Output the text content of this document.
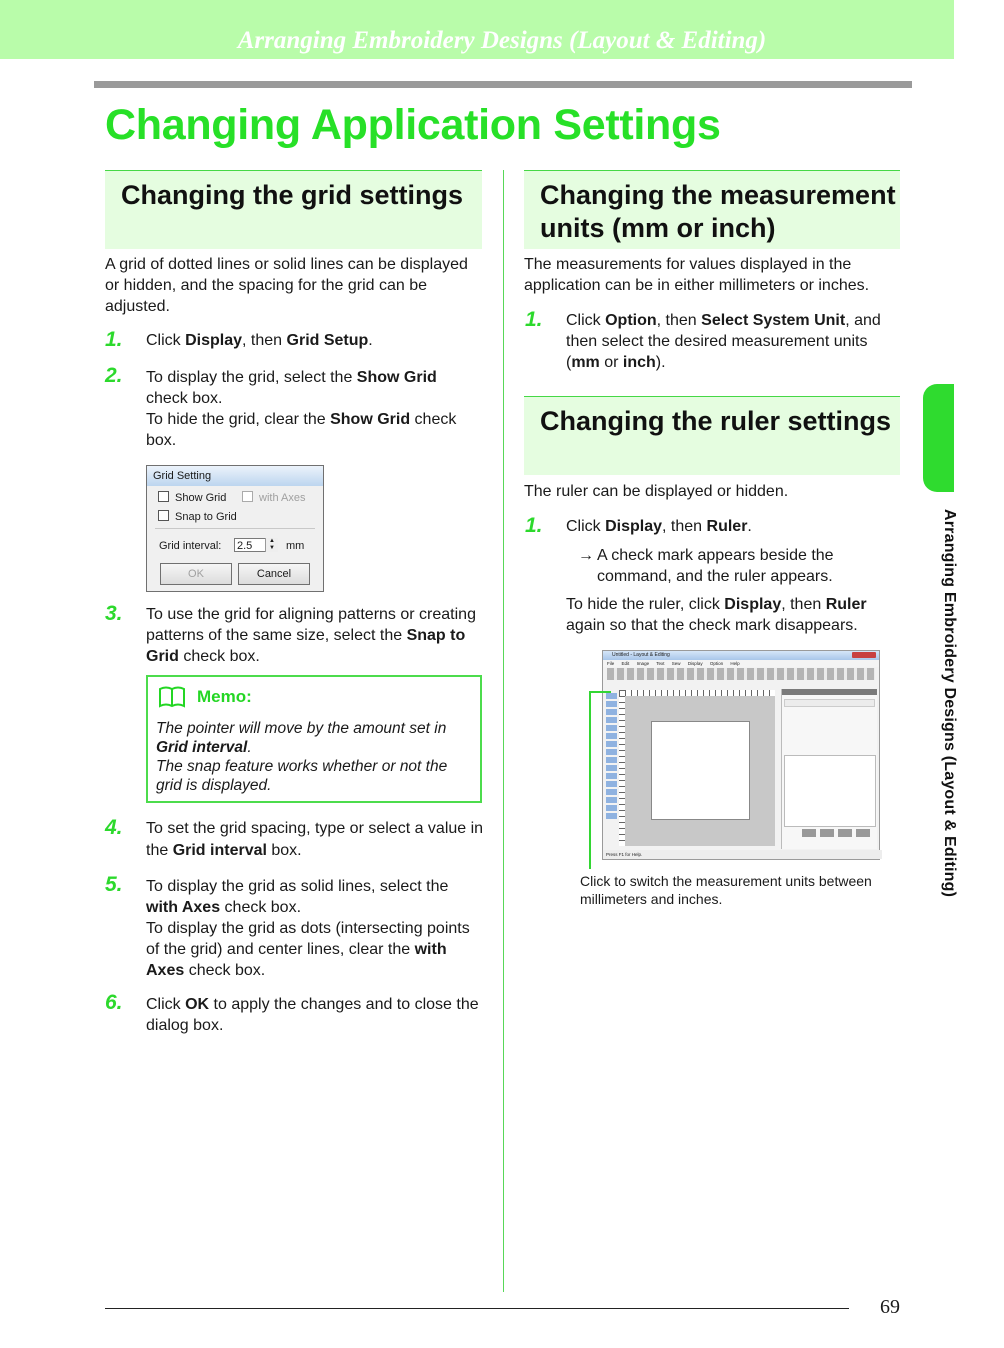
Arranging Embroidery Designs (Layout & Editing)
Changing Application Settings
Changing the grid settings

A grid of dotted lines or solid lines can be displayed or hidden, and the spacing for the grid can be adjusted.

1. Click Display, then Grid Setup.
2. To display the grid, select the Show Grid
check box.
To hide the grid, clear the Show Grid check
box.
Grid Setting
Show Grid	with Axes
Snap to Grid
Grid interval: 2.5	▲
▼ mm
OK	Cancel
3. To use the grid for aligning patterns or creating patterns of the same size, select the Snap to Grid check box.
Memo:
The pointer will move by the amount set in Grid interval.
The snap feature works whether or not the grid is displayed.
4. To set the grid spacing, type or select a value in the Grid interval box.
5. To display the grid as solid lines, select the with Axes check box.
To display the grid as dots (intersecting points of the grid) and center lines, clear the with Axes check box.
6. Click OK to apply the changes and to close the dialog box.
Changing the measurement units (mm or inch)

The measurements for values displayed in the application can be in either millimeters or inches.

1. Click Option, then Select System Unit, and then select the desired measurement units (mm or inch).
Changing the ruler settings

The ruler can be displayed or hidden.

1. Click Display, then Ruler.
→ A check mark appears beside the command, and the ruler appears.
To hide the ruler, click Display, then Ruler again so that the check mark disappears.
Untitled - Layout & Editing
File Edit Image Text Sew Display Option Help
Press F1 for Help.
Click to switch the measurement units between millimeters and inches.
Arranging Embroidery Designs (Layout & Editing)
69
